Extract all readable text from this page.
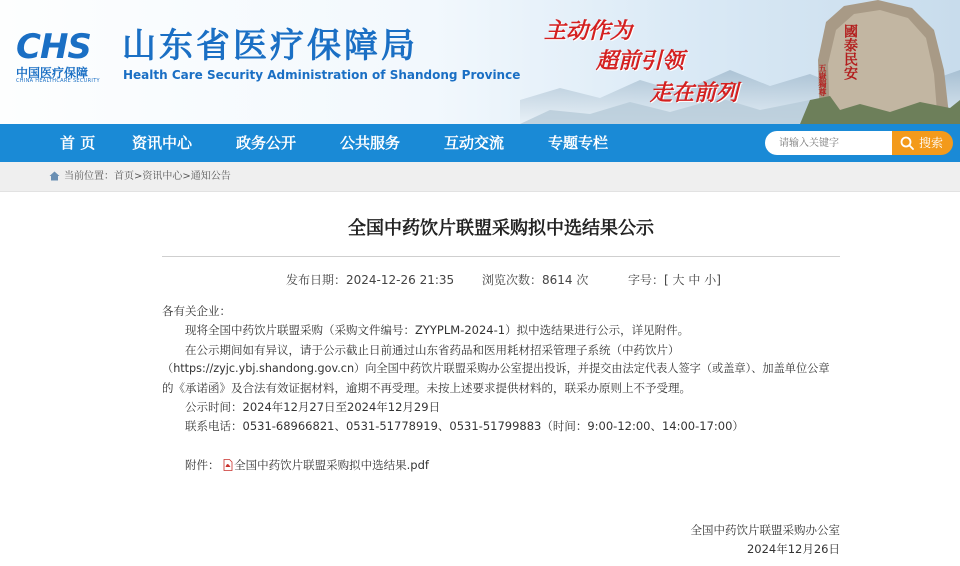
國泰民安
五嶽獨尊
CHS
中国医疗保障
CHINA HEALTHCARE SECURITY
山东省医疗保障局
Health Care Security Administration of Shandong Province
主动作为
超前引领
走在前列
首 页 资讯中心	政务公开	公共服务	互动交流	专题专栏
请输入关键字	搜索
当前位置：首页>资讯中心>通知公告
全国中药饮片联盟采购拟中选结果公示
发布日期：2024-12-26 21:35 浏览次数：8614 次	字号：[ 大 中 小]
各有关企业：
现将全国中药饮片联盟采购（采购文件编号：ZYYPLM-2024-1）拟中选结果进行公示，详见附件。
在公示期间如有异议，请于公示截止日前通过山东省药品和医用耗材招采管理子系统（中药饮片）
（https://zyjc.ybj.shandong.gov.cn）向全国中药饮片联盟采购办公室提出投诉，并提交由法定代表人签字（或盖章）、加盖单位公章
的《承诺函》及合法有效证据材料，逾期不再受理。未按上述要求提供材料的，联采办原则上不予受理。
公示时间：2024年12月27日至2024年12月29日
联系电话：0531-68966821、0531-51778919、0531-51799883（时间：9:00-12:00、14:00-17:00）
附件： 全国中药饮片联盟采购拟中选结果.pdf
全国中药饮片联盟采购办公室
2024年12月26日
